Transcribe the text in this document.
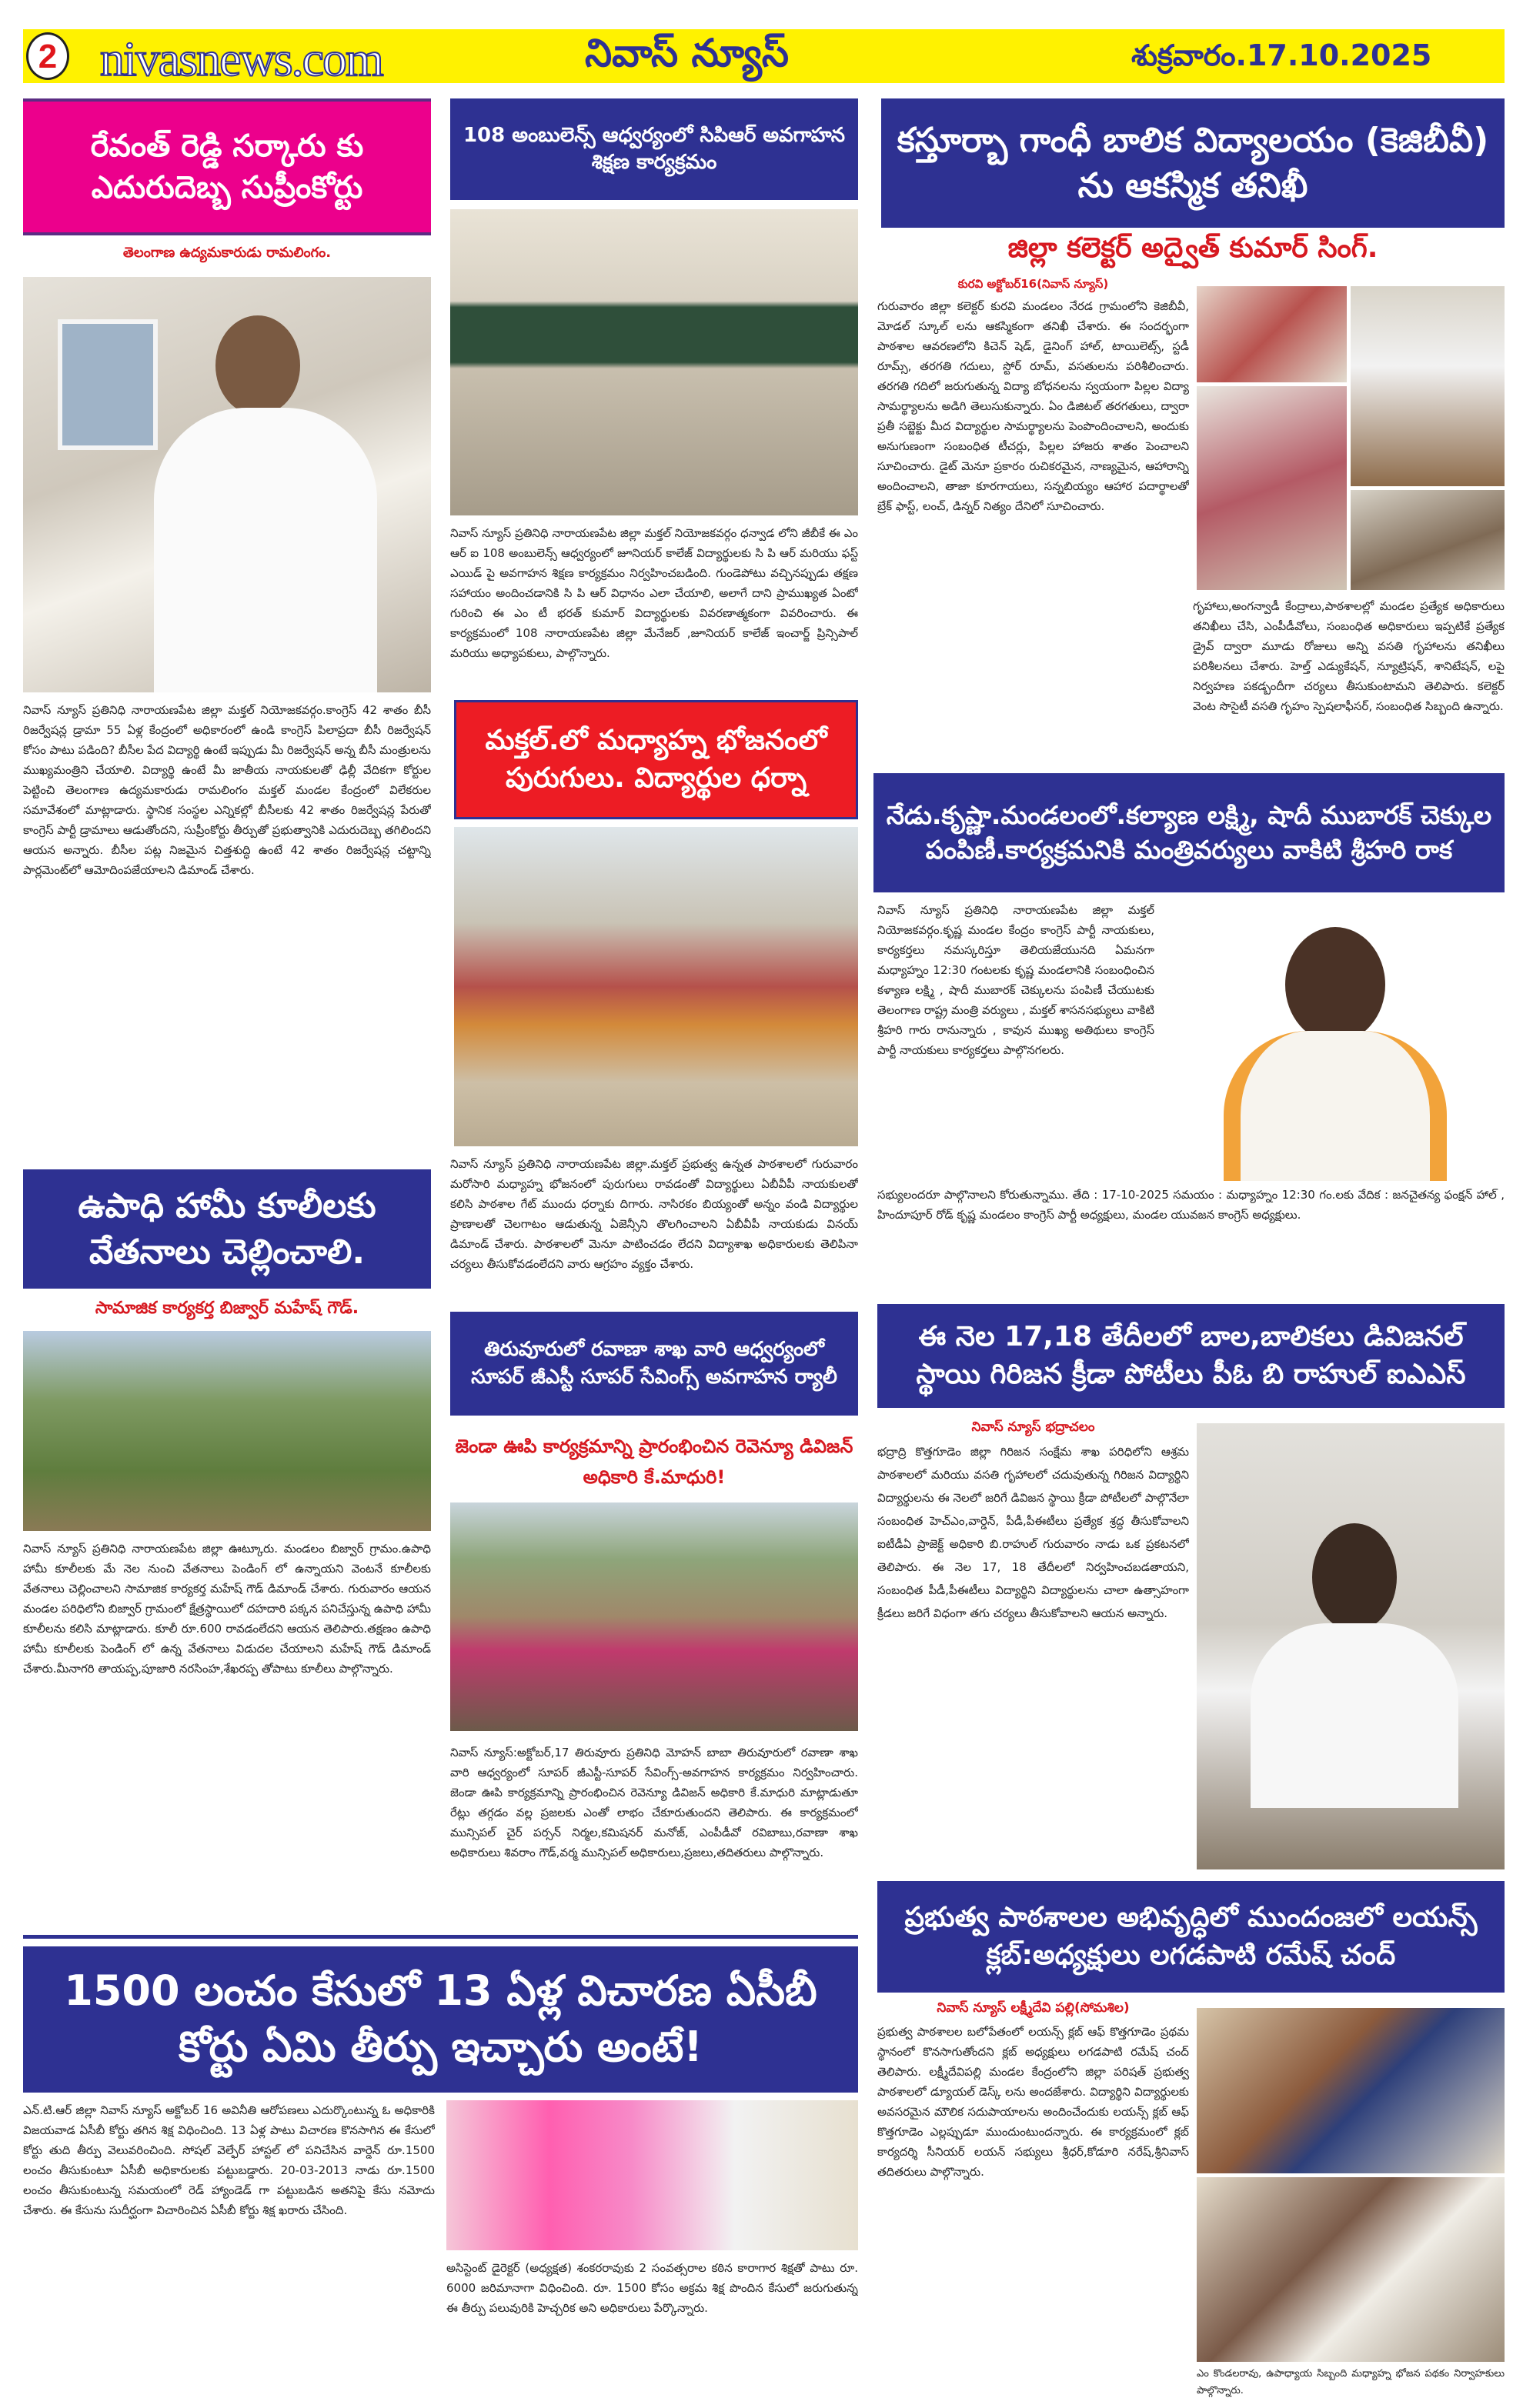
2 nivasnews.com	నివాస్ న్యూస్	శుక్రవారం.17.10.2025
రేవంత్ రెడ్డి సర్కారు కు ఎదురుదెబ్బ సుప్రీంకోర్టు
తెలంగాణ ఉద్యమకారుడు రామలింగం.
నివాస్ న్యూస్ ప్రతినిధి నారాయణపేట జిల్లా మక్తల్ నియోజకవర్గం.కాంగ్రెస్ 42 శాతం బీసీ రిజర్వేషన్ల డ్రామా 55 ఏళ్ల కేంద్రంలో అధికారంలో ఉండి కాంగ్రెస్ పిలాప్రదా బీసీ రిజర్వేషన్ కోసం పాటు పడింది? బీసీల పేద విద్యార్థి ఉంటే ఇప్పుడు మీ రిజర్వేషన్ అన్న బీసీ మంత్రులను ముఖ్యమంత్రిని చేయాలి. విద్యార్థి ఉంటే మీ జాతీయ నాయకులతో ఢిల్లీ వేదికగా కోర్టుల పెట్టించి తెలంగాణ ఉద్యమకారుడు రామలింగం మక్తల్ మండల కేంద్రంలో విలేకరుల సమావేశంలో మాట్లాడారు. స్థానిక సంస్థల ఎన్నికల్లో బీసీలకు 42 శాతం రిజర్వేషన్ల పేరుతో కాంగ్రెస్ పార్టీ డ్రామాలు ఆడుతోందని, సుప్రీంకోర్టు తీర్పుతో ప్రభుత్వానికి ఎదురుదెబ్బ తగిలిందని ఆయన అన్నారు. బీసీల పట్ల నిజమైన చిత్తశుద్ధి ఉంటే 42 శాతం రిజర్వేషన్ల చట్టాన్ని పార్లమెంట్‌లో ఆమోదింపజేయాలని డిమాండ్ చేశారు.
ఉపాధి హామీ కూలీలకు వేతనాలు చెల్లించాలి.
సామాజిక కార్యకర్త బిజ్వార్ మహేష్ గౌడ్.
నివాస్ న్యూస్ ప్రతినిధి నారాయణపేట జిల్లా ఊట్కూరు. మండలం బిజ్వార్ గ్రామం.ఉపాధి హామీ కూలీలకు మే నెల నుంచి వేతనాలు పెండింగ్ లో ఉన్నాయని వెంటనే కూలీలకు వేతనాలు చెల్లించాలని సామాజిక కార్యకర్త మహేష్ గౌడ్ డిమాండ్ చేశారు. గురువారం ఆయన మండల పరిధిలోని బిజ్వార్ గ్రామంలో క్షేత్రస్థాయిలో దహదారి పక్కన పనిచేస్తున్న ఉపాధి హామీ కూలీలను కలిసి మాట్లాడారు. కూలీ రూ.600 రావడంలేదని ఆయన తెలిపారు.తక్షణం ఉపాధి హామీ కూలీలకు పెండింగ్ లో ఉన్న వేతనాలు విడుదల చేయాలని మహేష్ గౌడ్ డిమాండ్ చేశారు.మీనాగరి తాయప్ప,పూజారి నరసింహ,శేఖరప్ప తోపాటు కూలీలు పాల్గొన్నారు.
1500 లంచం కేసులో 13 ఏళ్ల విచారణ ఏసీబీ కోర్టు ఏమి తీర్పు ఇచ్చారు అంటే!
ఎన్.టి.ఆర్ జిల్లా నివాస్ న్యూస్ అక్టోబర్ 16 అవినీతి ఆరోపణలు ఎదుర్కొంటున్న ఓ అధికారికి విజయవాడ ఏసీబీ కోర్టు తగిన శిక్ష విధించింది. 13 ఏళ్ల పాటు విచారణ కొనసాగిన ఈ కేసులో కోర్టు తుది తీర్పు వెలువరించింది. సోషల్ వెల్ఫేర్ హాస్టల్ లో పనిచేసిన వార్డెన్ రూ.1500 లంచం తీసుకుంటూ ఏసీబీ అధికారులకు పట్టుబడ్డారు. 20-03-2013 నాడు రూ.1500 లంచం తీసుకుంటున్న సమయంలో రెడ్ హ్యాండెడ్ గా పట్టుబడిన అతనిపై కేసు నమోదు చేశారు. ఈ కేసును సుదీర్ఘంగా విచారించిన ఏసీబీ కోర్టు శిక్ష ఖరారు చేసింది.
అసిస్టెంట్ డైరెక్టర్ (అధ్యక్షత) శంకరరావుకు 2 సంవత్సరాల కఠిన కారాగార శిక్షతో పాటు రూ. 6000 జరిమానాగా విధించింది. రూ. 1500 కోసం అక్రమ శిక్ష పొందిన కేసులో జరుగుతున్న ఈ తీర్పు పలువురికి హెచ్చరిక అని అధికారులు పేర్కొన్నారు.
108 అంబులెన్స్ ఆధ్వర్యంలో సిపిఆర్ అవగాహన శిక్షణ కార్యక్రమం
నివాస్ న్యూస్ ప్రతినిధి నారాయణపేట జిల్లా మక్తల్ నియోజకవర్గం ధన్వాడ లోని జీబీకే ఈ ఎం ఆర్ ఐ 108 అంబులెన్స్ ఆధ్వర్యంలో జూనియర్ కాలేజ్ విద్యార్థులకు సి పి ఆర్ మరియు ఫస్ట్ ఎయిడ్ పై అవగాహన శిక్షణ కార్యక్రమం నిర్వహించబడింది. గుండెపోటు వచ్చినప్పుడు తక్షణ సహాయం అందించడానికి సి పి ఆర్ విధానం ఎలా చేయాలి, అలాగే దాని ప్రాముఖ్యత ఏంటో గురించి ఈ ఎం టీ భరత్ కుమార్ విద్యార్థులకు వివరణాత్మకంగా వివరించారు. ఈ కార్యక్రమంలో 108 నారాయణపేట జిల్లా మేనేజర్ ,జూనియర్ కాలేజ్ ఇంచార్జ్ ప్రిన్సిపాల్ మరియు అధ్యాపకులు, పాల్గొన్నారు.
మక్తల్.లో మధ్యాహ్న భోజనంలో పురుగులు. విద్యార్థుల ధర్నా
నివాస్ న్యూస్ ప్రతినిధి నారాయణపేట జిల్లా.మక్తల్ ప్రభుత్వ ఉన్నత పాఠశాలలో గురువారం మరోసారి మధ్యాహ్న భోజనంలో పురుగులు రావడంతో విద్యార్థులు ఏబీవీపీ నాయకులతో కలిసి పాఠశాల గేట్ ముందు ధర్నాకు దిగారు. నాసిరకం బియ్యంతో అన్నం వండి విద్యార్థుల ప్రాణాలతో చెలగాటం ఆడుతున్న ఏజెన్సీని తొలగించాలని ఏబీవీపీ నాయకుడు వినయ్ డిమాండ్ చేశారు. పాఠశాలలో మెనూ పాటించడం లేదని విద్యాశాఖ అధికారులకు తెలిపినా చర్యలు తీసుకోవడంలేదని వారు ఆగ్రహం వ్యక్తం చేశారు.
తిరువూరులో రవాణా శాఖ వారి ఆధ్వర్యంలో సూపర్ జీఎస్టీ సూపర్ సేవింగ్స్ అవగాహన ర్యాలీ
జెండా ఊపి కార్యక్రమాన్ని ప్రారంభించిన రెవెన్యూ డివిజన్ అధికారి కే.మాధురి!
నివాస్ న్యూస్:అక్టోబర్,17 తిరువూరు ప్రతినిధి మోహన్ బాబా తిరువూరులో రవాణా శాఖ వారి ఆధ్వర్యంలో సూపర్ జీఎస్టీ-సూపర్ సేవింగ్స్-అవగాహన కార్యక్రమం నిర్వహించారు. జెండా ఊపి కార్యక్రమాన్ని ప్రారంభించిన రెవెన్యూ డివిజన్ అధికారి కే.మాధురి మాట్లాడుతూ రేట్లు తగ్గడం వల్ల ప్రజలకు ఎంతో లాభం చేకూరుతుందని తెలిపారు. ఈ కార్యక్రమంలో మున్సిపల్ చైర్ పర్సన్ నిర్మల,కమిషనర్ మనోజ్, ఎంపీడీవో రవిబాబు,రవాణా శాఖ అధికారులు శివరాం గౌడ్,వర్మ మున్సిపల్ అధికారులు,ప్రజలు,తదితరులు పాల్గొన్నారు.
కస్తూర్బా గాంధీ బాలిక విద్యాలయం (కెజిబీవీ) ను ఆకస్మిక తనిఖీ
జిల్లా కలెక్టర్ అద్వైత్ కుమార్ సింగ్.
కురవి అక్టోబర్16(నివాస్ న్యూస్)
గురువారం జిల్లా కలెక్టర్ కురవి మండలం నేరడ గ్రామంలోని కెజిబీవీ, మోడల్ స్కూల్ లను ఆకస్మికంగా తనిఖీ చేశారు. ఈ సందర్భంగా పాఠశాల ఆవరణలోని కిచెన్ షెడ్, డైనింగ్ హాల్, టాయిలెట్స్, స్టడీ రూమ్స్, తరగతి గదులు, స్టోర్ రూమ్, వసతులను పరిశీలించారు. తరగతి గదిలో జరుగుతున్న విద్యా బోధనలను స్వయంగా పిల్లల విద్యా సామర్థ్యాలను అడిగి తెలుసుకున్నారు. ఏం డిజిటల్ తరగతులు, ద్వారా ప్రతీ సబ్జెక్టు మీద విద్యార్థుల సామర్థ్యాలను పెంపొందించాలని, అందుకు అనుగుణంగా సంబంధిత టీచర్లు, పిల్లల హాజరు శాతం పెంచాలని సూచించారు. డైట్ మెనూ ప్రకారం రుచికరమైన, నాణ్యమైన, ఆహారాన్ని అందించాలని, తాజా కూరగాయలు, సన్నబియ్యం ఆహార పదార్థాలతో బ్రేక్ ఫాస్ట్, లంచ్, డిన్నర్ నిత్యం దేనిలో సూచించారు.
గృహాలు,అంగన్వాడీ కేంద్రాలు,పాఠశాలల్లో మండల ప్రత్యేక అధికారులు తనిఖీలు చేసి, ఎంపీడీవోలు, సంబంధిత అధికారులు ఇప్పటికే ప్రత్యేక డ్రైవ్ ద్వారా మూడు రోజులు అన్ని వసతి గృహాలను తనిఖీలు పరిశీలనలు చేశారు. హెల్త్ ఎడ్యుకేషన్, న్యూట్రిషన్, శానిటేషన్, లపై నిర్వహణ పకడ్బందీగా చర్యలు తీసుకుంటామని తెలిపారు. కలెక్టర్ వెంట సొసైటీ వసతి గృహం స్పెషలాఫీసర్, సంబంధిత సిబ్బంది ఉన్నారు.
నేడు.కృష్ణా.మండలంలో.కల్యాణ లక్ష్మి, షాదీ ముబారక్ చెక్కుల పంపిణీ.కార్యక్రమనికి మంత్రివర్యులు వాకిటి శ్రీహరి రాక
నివాస్ న్యూస్ ప్రతినిధి నారాయణపేట జిల్లా మక్తల్ నియోజకవర్గం.కృష్ణ మండల కేంద్రం కాంగ్రెస్ పార్టీ నాయకులు, కార్యకర్తలు నమస్కరిస్తూ తెలియజేయునది ఏమనగా మధ్యాహ్నం 12:30 గంటలకు కృష్ణ మండలానికి సంబంధించిన కళ్యాణ లక్ష్మి , షాదీ ముబారక్ చెక్కులను పంపిణీ చేయుటకు తెలంగాణ రాష్ట్ర మంత్రి వర్యులు , మక్తల్ శాసనసభ్యులు వాకిటి శ్రీహరి గారు రానున్నారు , కావున ముఖ్య అతిథులు కాంగ్రెస్ పార్టీ నాయకులు కార్యకర్తలు పాల్గొనగలరు.
సభ్యులందరూ పాల్గొనాలని కోరుతున్నాము. తేది : 17-10-2025 సమయం : మధ్యాహ్నం 12:30 గం.లకు వేదిక : జనచైతన్య ఫంక్షన్ హాల్ , హిందూపూర్ రోడ్ కృష్ణ మండలం కాంగ్రెస్ పార్టీ అధ్యక్షులు, మండల యువజన కాంగ్రెస్ అధ్యక్షులు.
ఈ నెల 17,18 తేదీలలో బాల,బాలికలు డివిజనల్ స్థాయి గిరిజన క్రీడా పోటీలు పీఓ బి రాహుల్ ఐఎఎస్
నివాస్ న్యూస్ భద్రాచలం
భద్రాద్రి కొత్తగూడెం జిల్లా గిరిజన సంక్షేమ శాఖ పరిధిలోని ఆశ్రమ పాఠశాలలో మరియు వసతి గృహాలలో చదువుతున్న గిరిజన విద్యార్థిని విద్యార్థులను ఈ నెలలో జరిగే డివిజన స్థాయి క్రీడా పోటీలలో పాల్గొనేలా సంబంధిత హెచ్ఎం,వార్డెన్, పీడీ,పీఈటీలు ప్రత్యేక శ్రద్ధ తీసుకోవాలని ఐటీడీఏ ప్రాజెక్ట్ అధికారి బి.రాహుల్ గురువారం నాడు ఒక ప్రకటనలో తెలిపారు. ఈ నెల 17, 18 తేదీలలో నిర్వహించబడతాయని, సంబంధిత పీడీ,పీఈటీలు విద్యార్థిని విద్యార్థులను చాలా ఉత్సాహంగా క్రీడలు జరిగే విధంగా తగు చర్యలు తీసుకోవాలని ఆయన అన్నారు.
ప్రభుత్వ పాఠశాలల అభివృద్ధిలో ముందంజలో లయన్స్ క్లబ్:అధ్యక్షులు లగడపాటి రమేష్ చంద్
నివాస్ న్యూస్ లక్ష్మీదేవి పల్లి(సోమశిల)
ప్రభుత్వ పాఠశాలల బలోపేతంలో లయన్స్ క్లబ్ ఆఫ్ కొత్తగూడెం ప్రథమ స్థానంలో కొనసాగుతోందని క్లబ్ అధ్యక్షులు లగడపాటి రమేష్ చంద్ తెలిపారు. లక్ష్మీదేవిపల్లి మండల కేంద్రంలోని జిల్లా పరిషత్ ప్రభుత్వ పాఠశాలలో డ్యూయల్ డెస్క్ లను అందజేశారు. విద్యార్థిని విద్యార్థులకు అవసరమైన మౌలిక సదుపాయాలను అందించేందుకు లయన్స్ క్లబ్ ఆఫ్ కొత్తగూడెం ఎల్లప్పుడూ ముందుంటుందన్నారు. ఈ కార్యక్రమంలో క్లబ్ కార్యదర్శి సీనియర్ లయన్ సభ్యులు శ్రీధర్,కోడూరి నరేష్,శ్రీనివాస్ తదితరులు పాల్గొన్నారు.
ఎం కొండలరావు, ఉపాధ్యాయ సిబ్బంది మధ్యాహ్న భోజన పథకం నిర్వాహకులు పాల్గొన్నారు.
